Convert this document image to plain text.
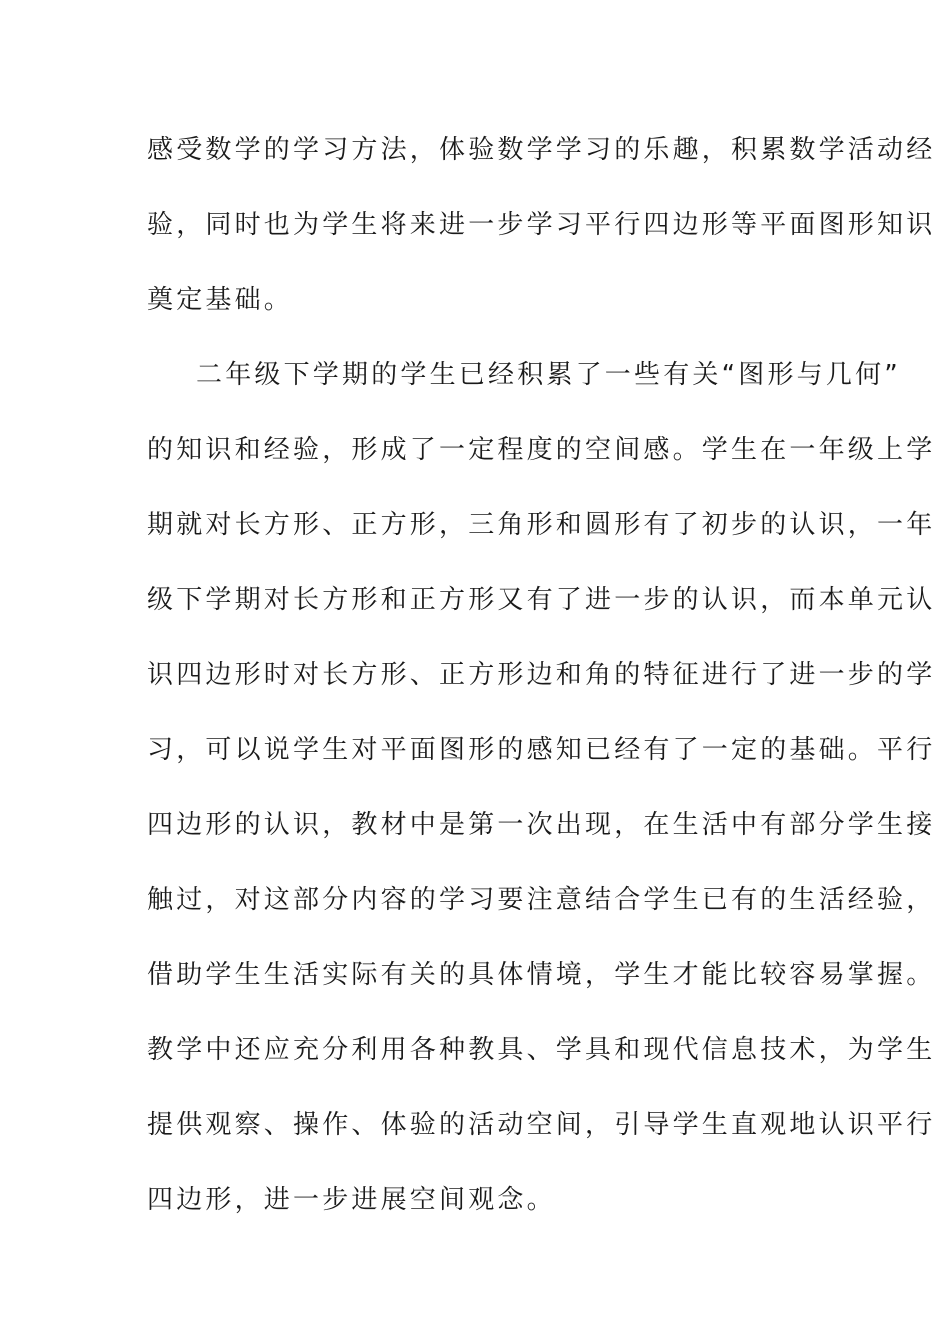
感受数学的学习方法，体验数学学习的乐趣，积累数学活动经
验，同时也为学生将来进一步学习平行四边形等平面图形知识
奠定基础。
二年级下学期的学生已经积累了一些有关“图形与几何”
的知识和经验，形成了一定程度的空间感。学生在一年级上学
期就对长方形、正方形，三角形和圆形有了初步的认识，一年
级下学期对长方形和正方形又有了进一步的认识，而本单元认
识四边形时对长方形、正方形边和角的特征进行了进一步的学
习，可以说学生对平面图形的感知已经有了一定的基础。平行
四边形的认识，教材中是第一次出现，在生活中有部分学生接
触过，对这部分内容的学习要注意结合学生已有的生活经验，
借助学生生活实际有关的具体情境，学生才能比较容易掌握。
教学中还应充分利用各种教具、学具和现代信息技术，为学生
提供观察、操作、体验的活动空间，引导学生直观地认识平行
四边形，进一步进展空间观念。
